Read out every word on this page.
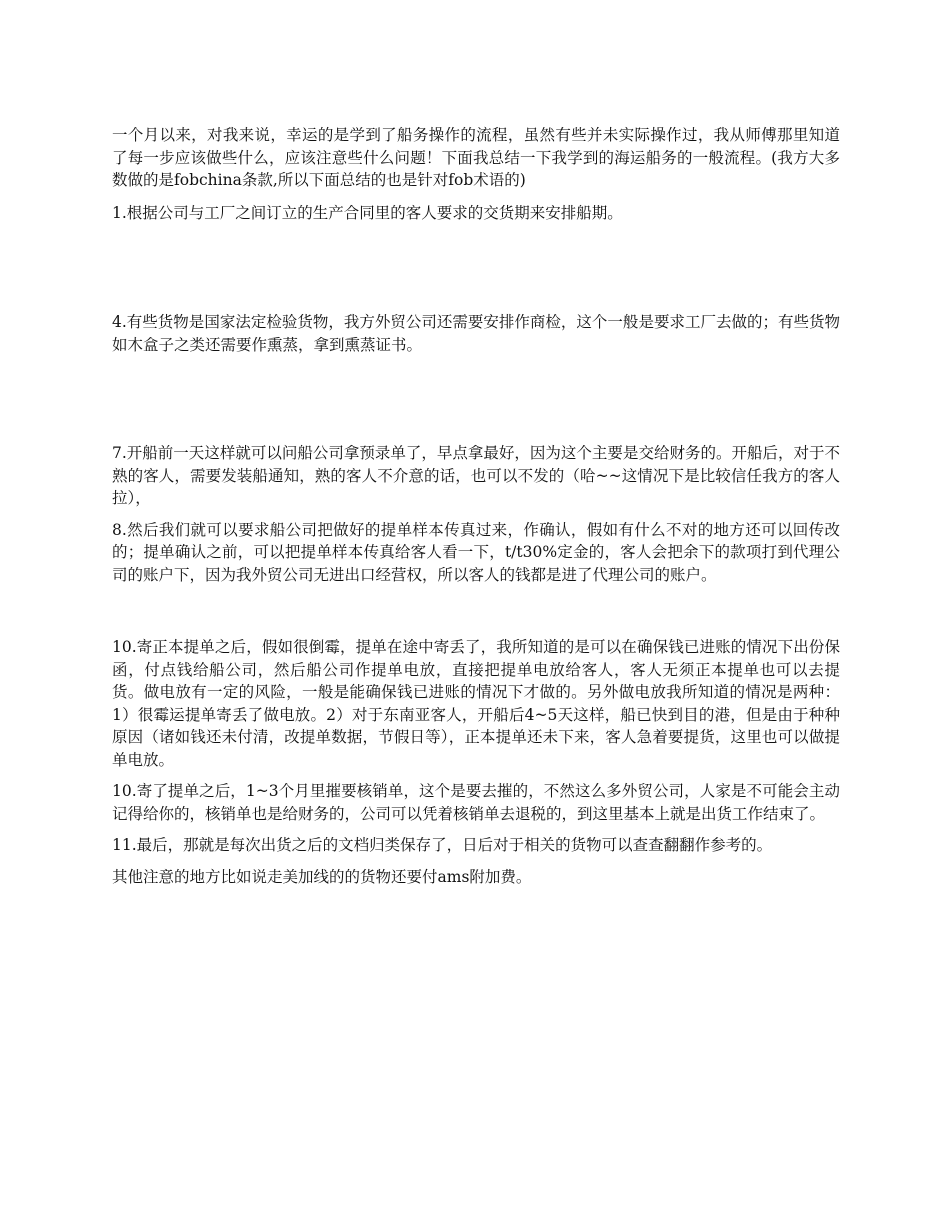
一个月以来，对我来说，幸运的是学到了船务操作的流程，虽然有些并未实际操作过，我从师傅那里知道了每一步应该做些什么，应该注意些什么问题！下面我总结一下我学到的海运船务的一般流程。(我方大多数做的是fobchina条款,所以下面总结的也是针对fob术语的)

1.根据公司与工厂之间订立的生产合同里的客人要求的交货期来安排船期。

4.有些货物是国家法定检验货物，我方外贸公司还需要安排作商检，这个一般是要求工厂去做的；有些货物如木盒子之类还需要作熏蒸，拿到熏蒸证书。

7.开船前一天这样就可以问船公司拿预录单了，早点拿最好，因为这个主要是交给财务的。开船后，对于不熟的客人，需要发装船通知，熟的客人不介意的话，也可以不发的（哈~~这情况下是比较信任我方的客人拉），

8.然后我们就可以要求船公司把做好的提单样本传真过来，作确认，假如有什么不对的地方还可以回传改的；提单确认之前，可以把提单样本传真给客人看一下，t/t30%定金的，客人会把余下的款项打到代理公司的账户下，因为我外贸公司无进出口经营权，所以客人的钱都是进了代理公司的账户。

10.寄正本提单之后，假如很倒霉，提单在途中寄丢了，我所知道的是可以在确保钱已进账的情况下出份保函，付点钱给船公司，然后船公司作提单电放，直接把提单电放给客人，客人无须正本提单也可以去提货。做电放有一定的风险，一般是能确保钱已进账的情况下才做的。另外做电放我所知道的情况是两种：1）很霉运提单寄丢了做电放。2）对于东南亚客人，开船后4~5天这样，船已快到目的港，但是由于种种原因（诸如钱还未付清，改提单数据，节假日等），正本提单还未下来，客人急着要提货，这里也可以做提单电放。

10.寄了提单之后，1~3个月里摧要核销单，这个是要去摧的，不然这么多外贸公司，人家是不可能会主动记得给你的，核销单也是给财务的，公司可以凭着核销单去退税的，到这里基本上就是出货工作结束了。

11.最后，那就是每次出货之后的文档归类保存了，日后对于相关的货物可以查查翻翻作参考的。

其他注意的地方比如说走美加线的的货物还要付ams附加费。
